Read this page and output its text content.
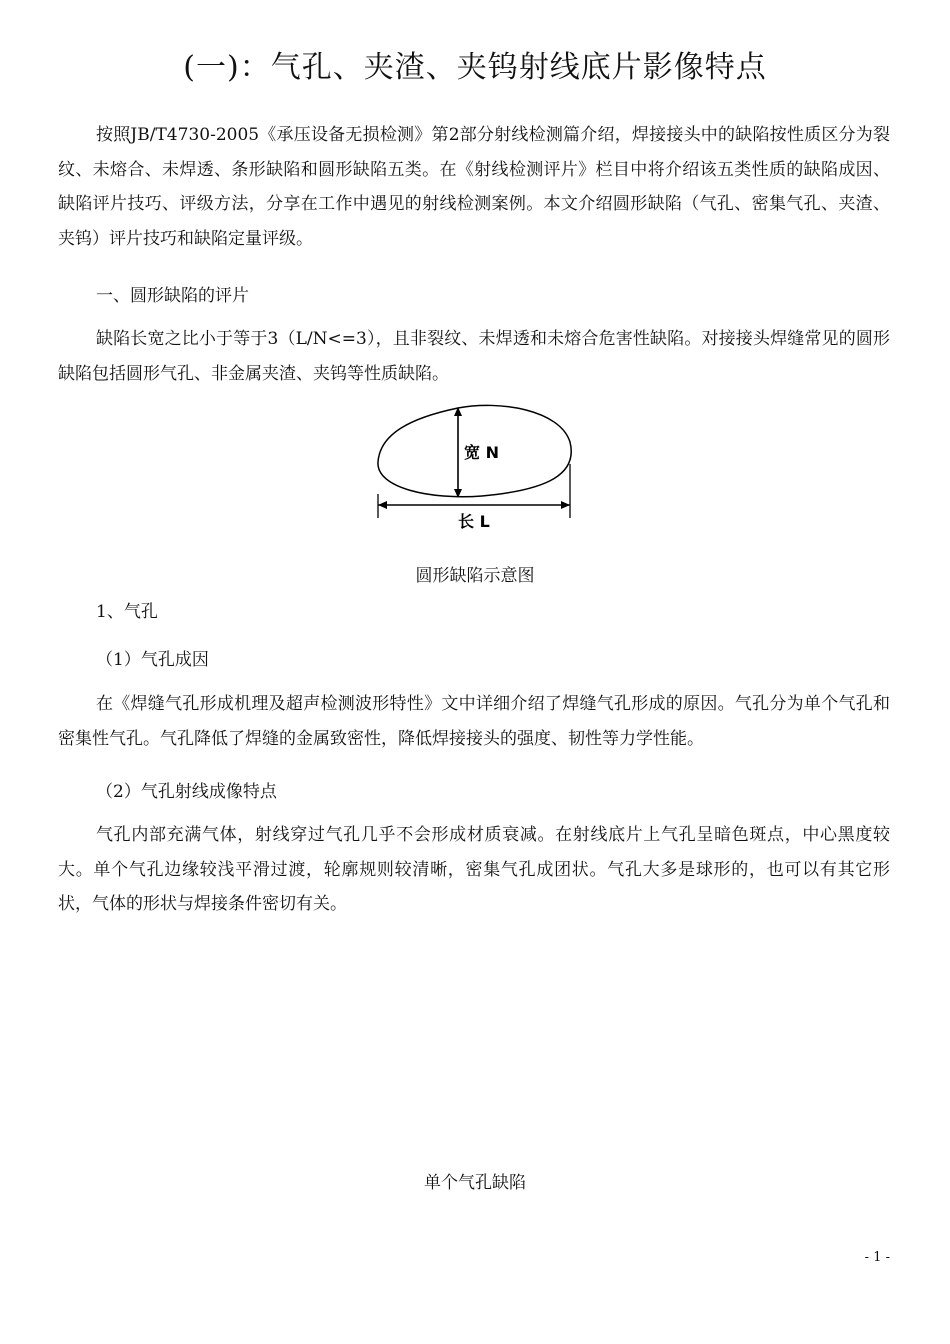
(一)：气孔、夹渣、夹钨射线底片影像特点

按照JB/T4730-2005《承压设备无损检测》第2部分射线检测篇介绍，焊接接头中的缺陷按性质区分为裂纹、未熔合、未焊透、条形缺陷和圆形缺陷五类。在《射线检测评片》栏目中将介绍该五类性质的缺陷成因、缺陷评片技巧、评级方法，分享在工作中遇见的射线检测案例。本文介绍圆形缺陷（气孔、密集气孔、夹渣、夹钨）评片技巧和缺陷定量评级。

一、圆形缺陷的评片

缺陷长宽之比小于等于3（L/N<=3），且非裂纹、未焊透和未熔合危害性缺陷。对接接头焊缝常见的圆形缺陷包括圆形气孔、非金属夹渣、夹钨等性质缺陷。

宽 N
长 L
圆形缺陷示意图

1、气孔

（1）气孔成因

在《焊缝气孔形成机理及超声检测波形特性》文中详细介绍了焊缝气孔形成的原因。气孔分为单个气孔和密集性气孔。气孔降低了焊缝的金属致密性，降低焊接接头的强度、韧性等力学性能。

（2）气孔射线成像特点

气孔内部充满气体，射线穿过气孔几乎不会形成材质衰减。在射线底片上气孔呈暗色斑点，中心黑度较大。单个气孔边缘较浅平滑过渡，轮廓规则较清晰，密集气孔成团状。气孔大多是球形的，也可以有其它形状，气体的形状与焊接条件密切有关。

单个气孔缺陷
- 1 -
